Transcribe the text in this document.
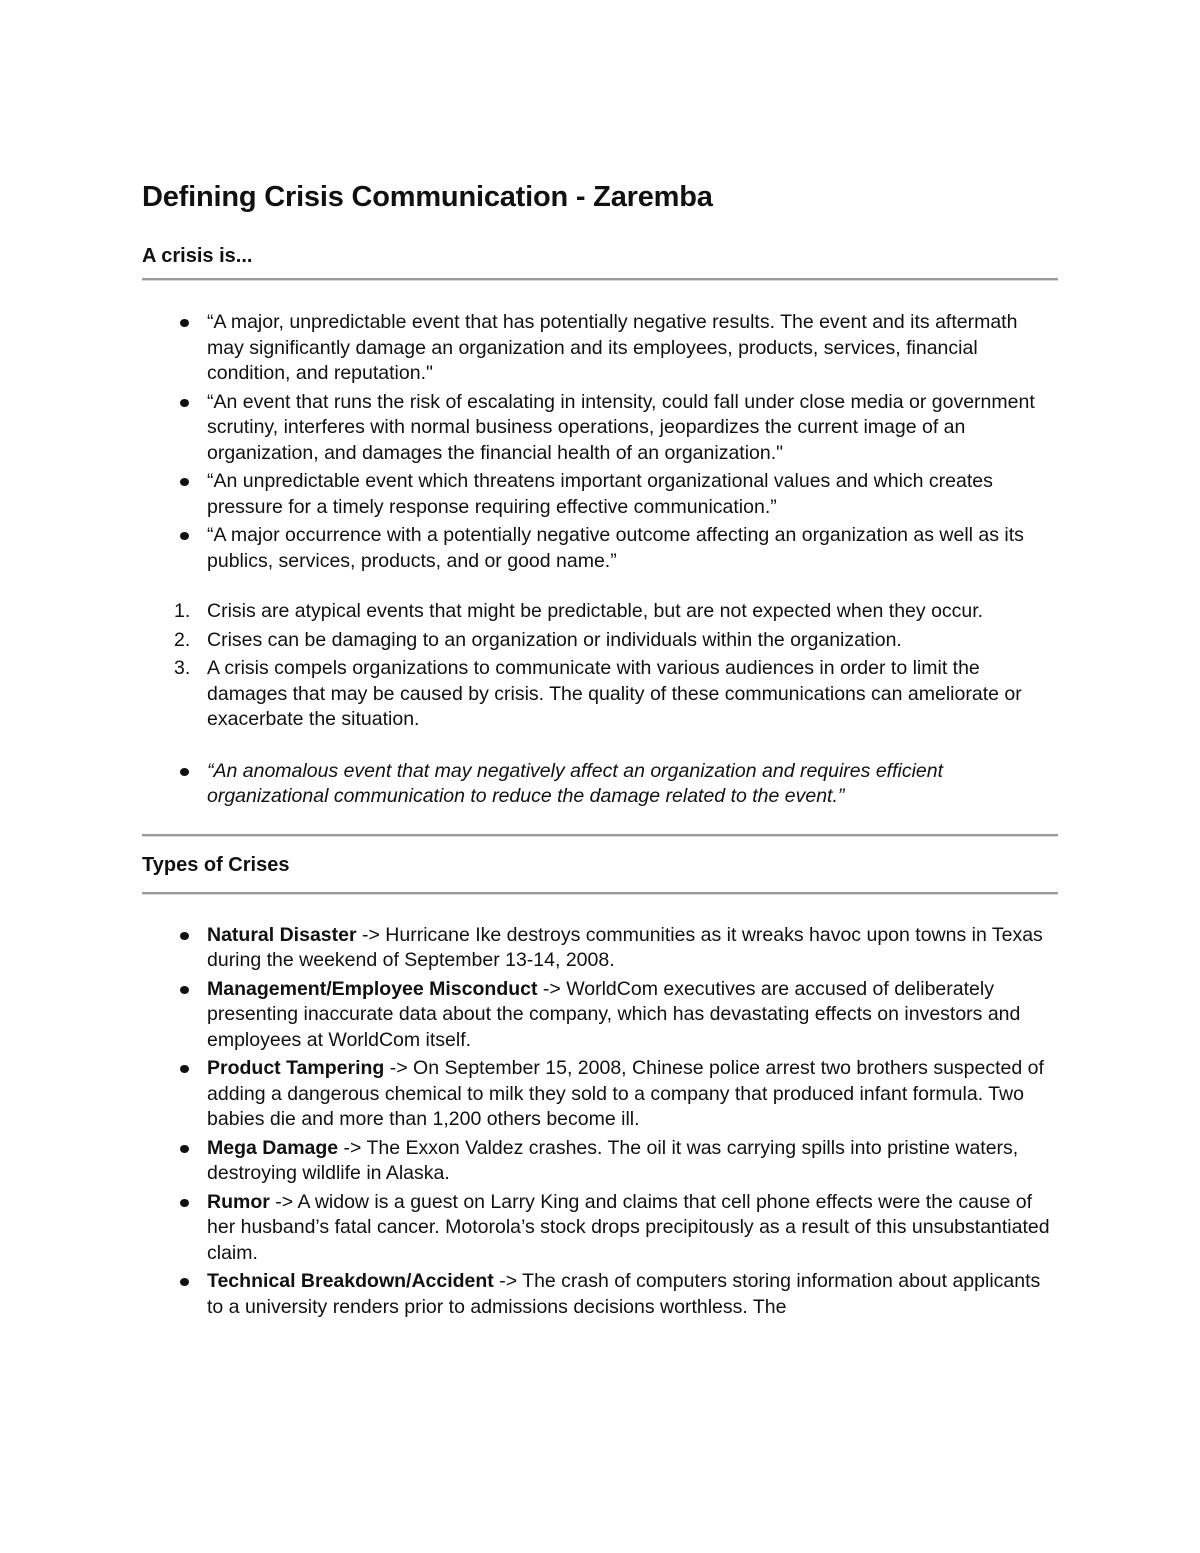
Defining Crisis Communication - Zaremba
A crisis is...
“A major, unpredictable event that has potentially negative results. The event and its aftermath may significantly damage an organization and its employees, products, services, financial condition, and reputation."
“An event that runs the risk of escalating in intensity, could fall under close media or government scrutiny, interferes with normal business operations, jeopardizes the current image of an organization, and damages the financial health of an organization."
“An unpredictable event which threatens important organizational values and which creates pressure for a timely response requiring effective communication.”
“A major occurrence with a potentially negative outcome affecting an organization as well as its publics, services, products, and or good name.”
1. Crisis are atypical events that might be predictable, but are not expected when they occur.
2. Crises can be damaging to an organization or individuals within the organization.
3. A crisis compels organizations to communicate with various audiences in order to limit the damages that may be caused by crisis. The quality of these communications can ameliorate or exacerbate the situation.
“An anomalous event that may negatively affect an organization and requires efficient organizational communication to reduce the damage related to the event.”
Types of Crises
Natural Disaster -> Hurricane Ike destroys communities as it wreaks havoc upon towns in Texas during the weekend of September 13-14, 2008.
Management/Employee Misconduct -> WorldCom executives are accused of deliberately presenting inaccurate data about the company, which has devastating effects on investors and employees at WorldCom itself.
Product Tampering -> On September 15, 2008, Chinese police arrest two brothers suspected of adding a dangerous chemical to milk they sold to a company that produced infant formula. Two babies die and more than 1,200 others become ill.
Mega Damage -> The Exxon Valdez crashes. The oil it was carrying spills into pristine waters, destroying wildlife in Alaska.
Rumor -> A widow is a guest on Larry King and claims that cell phone effects were the cause of her husband’s fatal cancer. Motorola’s stock drops precipitously as a result of this unsubstantiated claim.
Technical Breakdown/Accident -> The crash of computers storing information about applicants to a university renders prior to admissions decisions worthless. The
